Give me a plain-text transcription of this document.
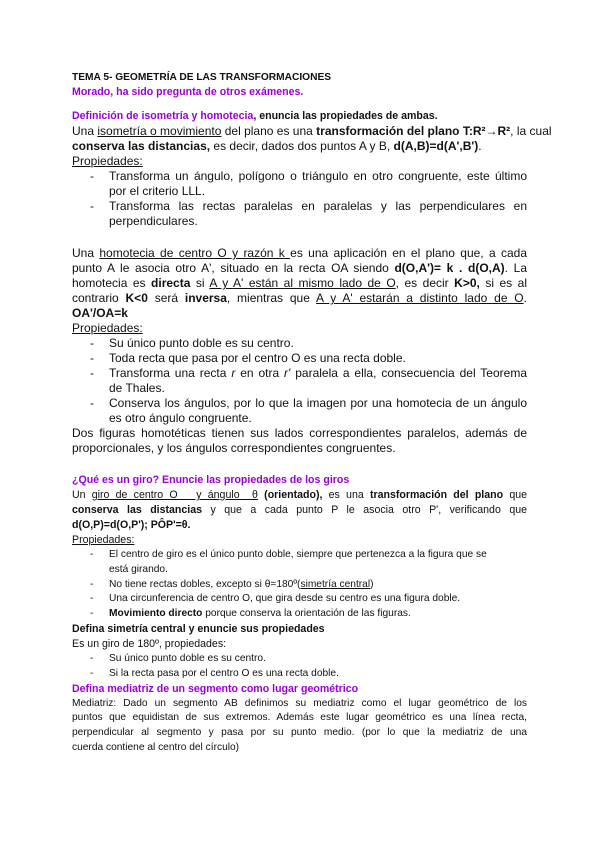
TEMA 5- GEOMETRÍA DE LAS TRANSFORMACIONES
Morado, ha sido pregunta de otros exámenes.
Definición de isometría y homotecia, enuncia las propiedades de ambas.
Una isometría o movimiento del plano es una transformación del plano T:R²→R², la cual
conserva las distancias, es decir, dados dos puntos A y B, d(A,B)=d(A',B').
Propiedades:
- Transforma un ángulo, polígono o triángulo en otro congruente, este último
por el criterio LLL.
- Transforma las rectas paralelas en paralelas y las perpendiculares en
perpendiculares.
Una homotecia de centro O y razón k es una aplicación en el plano que, a cada
punto A le asocia otro A', situado en la recta OA siendo d(O,A')= k . d(O,A). La
homotecia es directa si A y A' están al mismo lado de O, es decir K>0, si es al
contrario K<0 será inversa, mientras que A y A' estarán a distinto lado de O.
OA'/OA=k
Propiedades:
- Su único punto doble es su centro.
- Toda recta que pasa por el centro O es una recta doble.
- Transforma una recta r en otra r' paralela a ella, consecuencia del Teorema
de Thales.
- Conserva los ángulos, por lo que la imagen por una homotecia de un ángulo
es otro ángulo congruente.
Dos figuras homotéticas tienen sus lados correspondientes paralelos, además de
proporcionales, y los ángulos correspondientes congruentes.
¿Qué es un giro? Enuncie las propiedades de los giros
Un giro de centro O   y ángulo  θ (orientado), es una transformación del plano que
conserva las distancias y que a cada punto P le asocia otro P', verificando que
d(O,P)=d(O,P'); PÔP'=θ.
Propiedades:
- El centro de giro es el único punto doble, siempre que pertenezca a la figura que se
está girando.
- No tiene rectas dobles, excepto si θ=180º(simetría central)
- Una circunferencia de centro O, que gira desde su centro es una figura doble.
- Movimiento directo porque conserva la orientación de las figuras.
Defina simetría central y enuncie sus propiedades
Es un giro de 180º, propiedades:
- Su único punto doble es su centro.
- Si la recta pasa por el centro O es una recta doble.
Defina mediatriz de un segmento como lugar geométrico
Mediatriz: Dado un segmento AB definimos su mediatriz como el lugar geométrico de los
puntos que equidistan de sus extremos. Además este lugar geométrico es una línea recta,
perpendicular al segmento y pasa por su punto medio. (por lo que la mediatriz de una
cuerda contiene al centro del círculo)
